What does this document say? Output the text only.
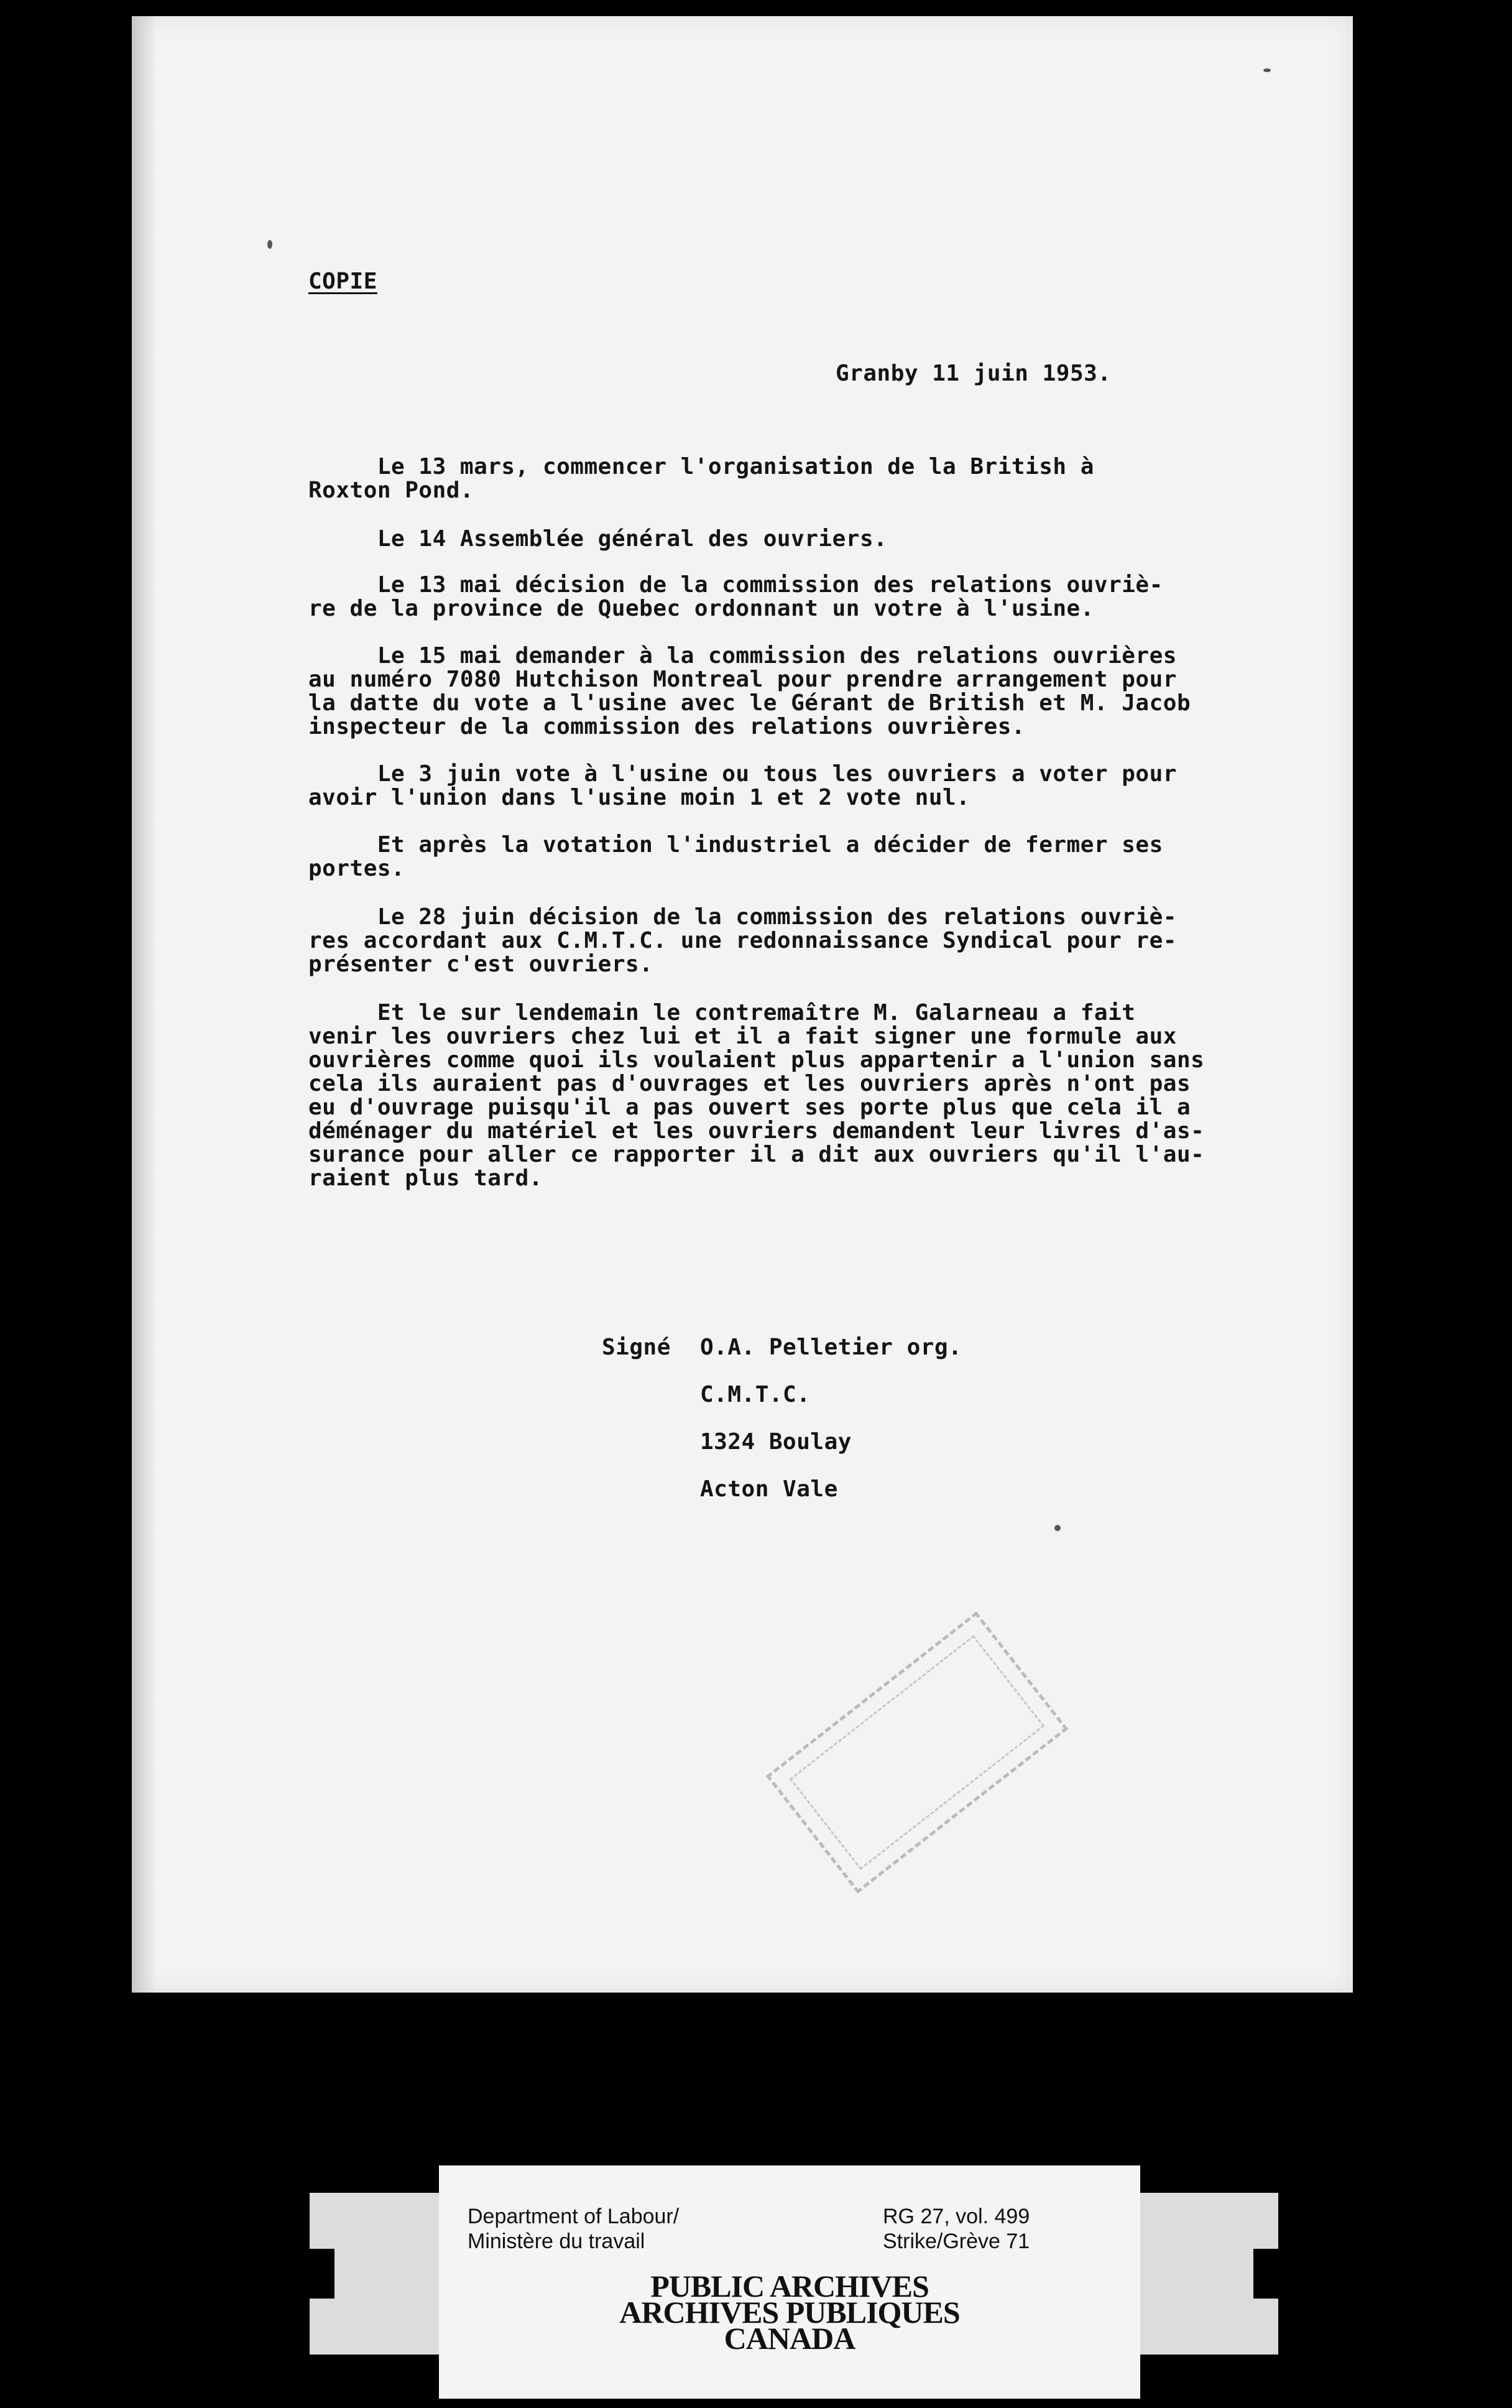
COPIE
Granby 11 juin 1953.
Le 13 mars, commencer l'organisation de la British à
Roxton Pond.
Le 14 Assemblée général des ouvriers.
Le 13 mai décision de la commission des relations ouvriè-
re de la province de Quebec ordonnant un votre à l'usine.
Le 15 mai demander à la commission des relations ouvrières
au numéro 7080 Hutchison Montreal pour prendre arrangement pour
la datte du vote a l'usine avec le Gérant de British et M. Jacob
inspecteur de la commission des relations ouvrières.
Le 3 juin vote à l'usine ou tous les ouvriers a voter pour
avoir l'union dans l'usine moin 1 et 2 vote nul.
Et après la votation l'industriel a décider de fermer ses
portes.
Le 28 juin décision de la commission des relations ouvriè-
res accordant aux C.M.T.C. une redonnaissance Syndical pour re-
présenter c'est ouvriers.
Et le sur lendemain le contremaître M. Galarneau a fait
venir les ouvriers chez lui et il a fait signer une formule aux
ouvrières comme quoi ils voulaient plus appartenir a l'union sans
cela ils auraient pas d'ouvrages et les ouvriers après n'ont pas
eu d'ouvrage puisqu'il a pas ouvert ses porte plus que cela il a
déménager du matériel et les ouvriers demandent leur livres d'as-
surance pour aller ce rapporter il a dit aux ouvriers qu'il l'au-
raient plus tard.
Signé O.A. Pelletier org.
C.M.T.C.
1324 Boulay
Acton Vale
Department of Labour/
Ministère du travail
RG 27, vol. 499
Strike/Grève 71
PUBLIC ARCHIVES
ARCHIVES PUBLIQUES
CANADA
